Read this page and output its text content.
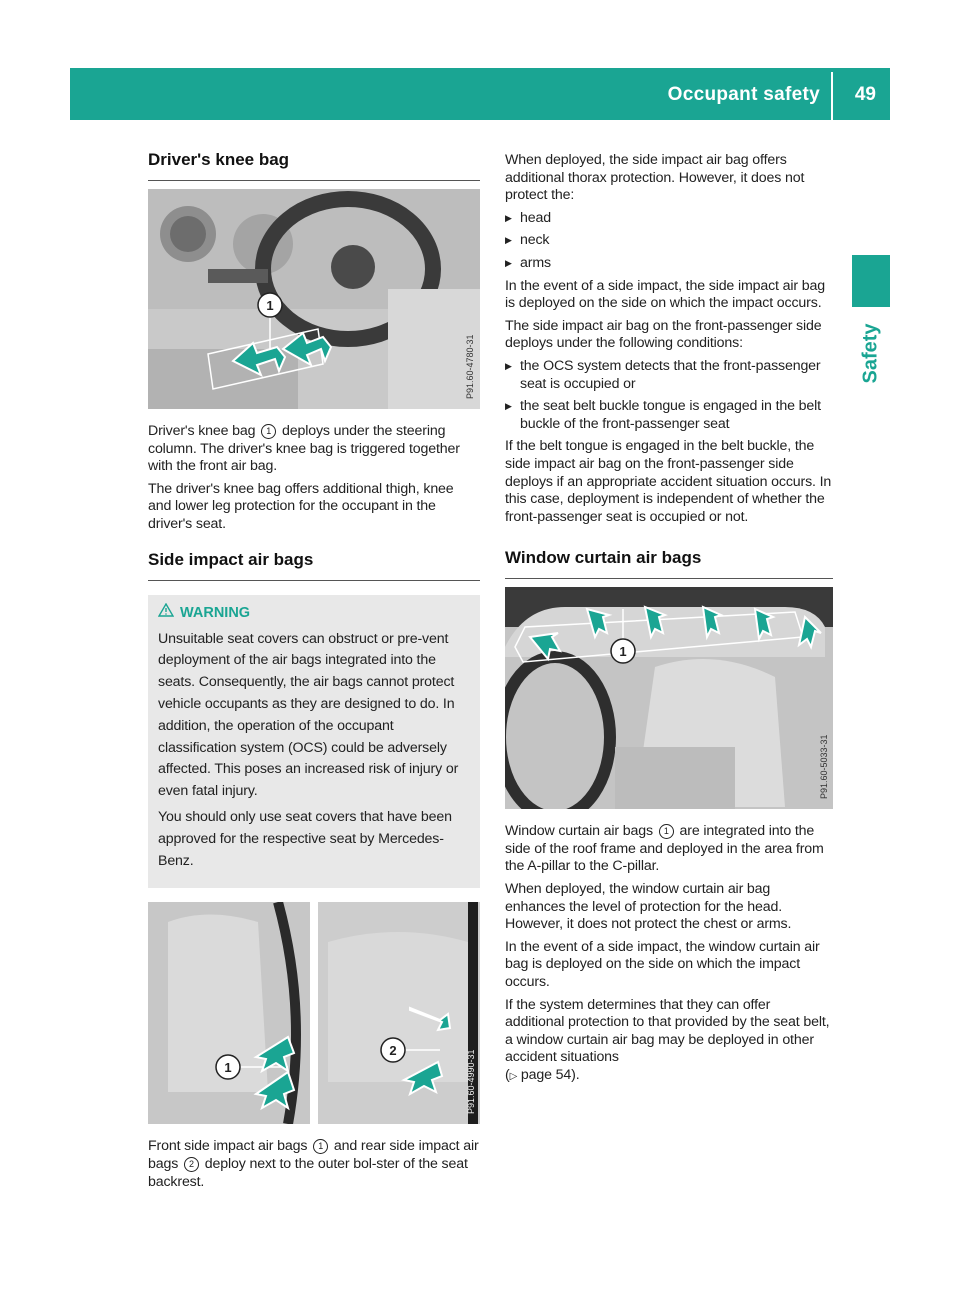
Occupant safety 49
Safety
Driver's knee bag
1
P91.60-4780-31

Driver's knee bag 1 deploys under the steering column. The driver's knee bag is triggered together with the front air bag.

The driver's knee bag offers additional thigh, knee and lower leg protection for the occupant in the driver's seat.

Side impact air bags
WARNING

Unsuitable seat covers can obstruct or pre-vent deployment of the air bags integrated into the seats. Consequently, the air bags cannot protect vehicle occupants as they are designed to do. In addition, the operation of the occupant classification system (OCS) could be adversely affected. This poses an increased risk of injury or even fatal injury.

You should only use seat covers that have been approved for the respective seat by Mercedes-Benz.

1
2	P91.60-4990-31

Front side impact air bags 1 and rear side impact air bags 2 deploy next to the outer bol-ster of the seat backrest.

When deployed, the side impact air bag offers additional thorax protection. However, it does not protect the:

▶ head
▶ neck
▶ arms

In the event of a side impact, the side impact air bag is deployed on the side on which the impact occurs.

The side impact air bag on the front-passenger side deploys under the following conditions:

▶ the OCS system detects that the front-passenger seat is occupied or
▶ the seat belt buckle tongue is engaged in the belt buckle of the front-passenger seat

If the belt tongue is engaged in the belt buckle, the side impact air bag on the front-passenger side deploys if an appropriate accident situation occurs. In this case, deployment is independent of whether the front-passenger seat is occupied or not.

Window curtain air bags
1
P91.60-5033-31

Window curtain air bags 1 are integrated into the side of the roof frame and deployed in the area from the A-pillar to the C-pillar.

When deployed, the window curtain air bag enhances the level of protection for the head. However, it does not protect the chest or arms.

In the event of a side impact, the window curtain air bag is deployed on the side on which the impact occurs.

If the system determines that they can offer additional protection to that provided by the seat belt, a window curtain air bag may be deployed in other accident situations
(▷ page 54).
